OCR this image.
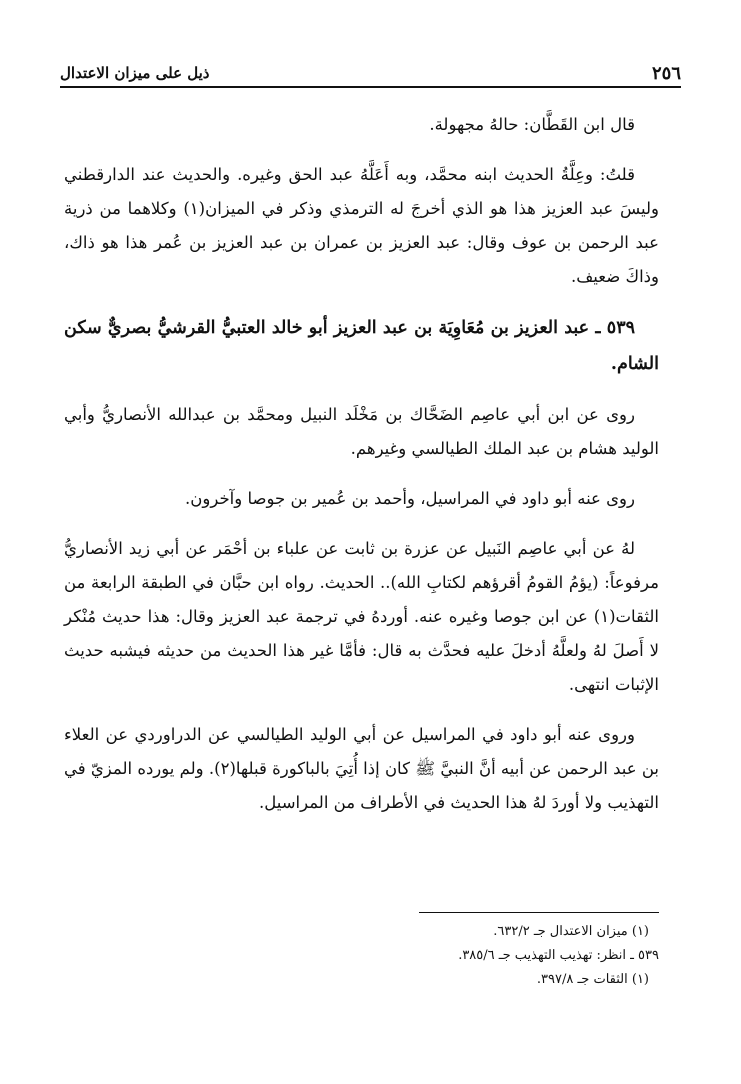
ذيل على ميزان الاعتدال	٢٥٦

قال ابن القَطَّان: حالهُ مجهولة.

قلتُ: وعِلَّةُ الحديث ابنه محمَّد، وبه أَعَلَّهُ عبد الحق وغيره. والحديث عند الدارقطني وليسَ عبد العزيز هذا هو الذي أخرجَ له الترمذي وذكر في الميزان(١) وكلاهما من ذرية عبد الرحمن بن عوف وقال: عبد العزيز بن عمران بن عبد العزيز بن عُمر هذا هو ذاك، وذاكَ ضعيف.

٥٣٩ ـ عبد العزيز بن مُعَاوِيَة بن عبد العزيز أبو خالد العتبيُّ القرشيُّ بصريٌّ سكن الشام.

روى عن ابن أبي عاصِم الضَحَّاك بن مَخْلَد النبيل ومحمَّد بن عبدالله الأنصاريُّ وأبي الوليد هشام بن عبد الملك الطيالسي وغيرهم.

روى عنه أبو داود في المراسيل، وأحمد بن عُمير بن جوصا وآخرون.

لهُ عن أبي عاصِم النَبيل عن عزرة بن ثابت عن علباء بن أحْمَر عن أبي زيد الأنصاريُّ مرفوعاً: (يؤمُ القومُ أقرؤهم لكتابِ الله).. الحديث. رواه ابن حبَّان في الطبقة الرابعة من الثقات(١) عن ابن جوصا وغيره عنه. أوردهُ في ترجمة عبد العزيز وقال: هذا حديث مُنْكر لا أَصلَ لهُ ولعلَّهُ أدخلَ عليه فحدَّث به قال: فأمَّا غير هذا الحديث من حديثه فيشبه حديث الإثبات انتهى.

وروى عنه أبو داود في المراسيل عن أبي الوليد الطيالسي عن الدراوردي عن العلاء بن عبد الرحمن عن أبيه أنَّ النبيَّ ﷺ كان إذا أُتِيَ بالباكورة قبلها(٢). ولم يورده المزيّ في التهذيب ولا أوردَ لهُ هذا الحديث في الأطراف من المراسيل.

(١) ميزان الاعتدال جـ ٦٣٢/٢.
٥٣٩ ـ انظر: تهذيب التهذيب جـ ٣٨٥/٦.
(١) الثقات جـ ٣٩٧/٨.
